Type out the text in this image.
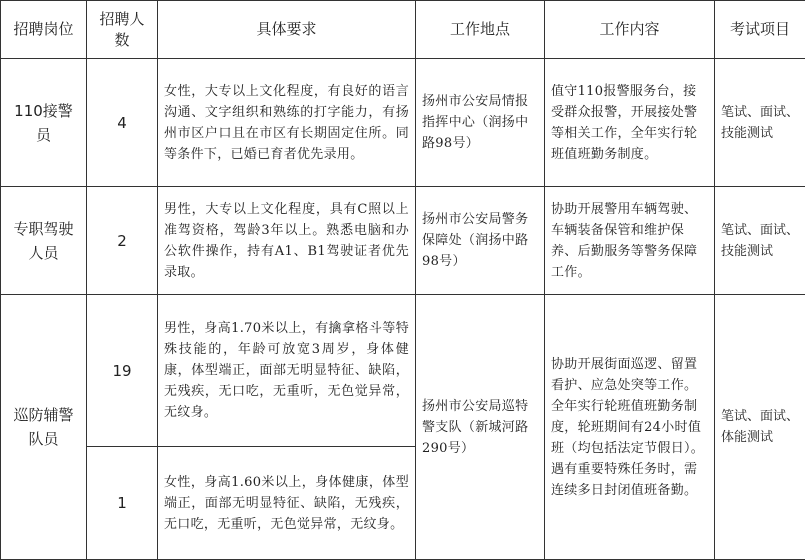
招聘岗位	招聘人数	具体要求	工作地点	工作内容	考试项目
110接警员	4	女性，大专以上文化程度，有良好的语言沟通、文字组织和熟练的打字能力，有扬州市区户口且在市区有长期固定住所。同等条件下，已婚已育者优先录用。	扬州市公安局情报指挥中心（润扬中路98号）	值守110报警服务台，接受群众报警，开展接处警等相关工作，全年实行轮班值班勤务制度。	笔试、面试、技能测试
专职驾驶人员	2	男性，大专以上文化程度，具有C照以上准驾资格，驾龄3年以上。熟悉电脑和办公软件操作，持有A1、B1驾驶证者优先录取。	扬州市公安局警务保障处（润扬中路98号）	协助开展警用车辆驾驶、车辆装备保管和维护保养、后勤服务等警务保障工作。	笔试、面试、技能测试
巡防辅警队员	19	男性，身高1.70米以上，有擒拿格斗等特殊技能的，年龄可放宽3周岁，身体健康，体型端正，面部无明显特征、缺陷，无残疾，无口吃，无重听，无色觉异常，无纹身。	扬州市公安局巡特警支队（新城河路290号）	协助开展街面巡逻、留置看护、应急处突等工作。全年实行轮班值班勤务制度，轮班期间有24小时值班（均包括法定节假日）。遇有重要特殊任务时，需连续多日封闭值班备勤。	笔试、面试、体能测试
	1	女性，身高1.60米以上，身体健康，体型端正，面部无明显特征、缺陷，无残疾，无口吃，无重听，无色觉异常，无纹身。			
